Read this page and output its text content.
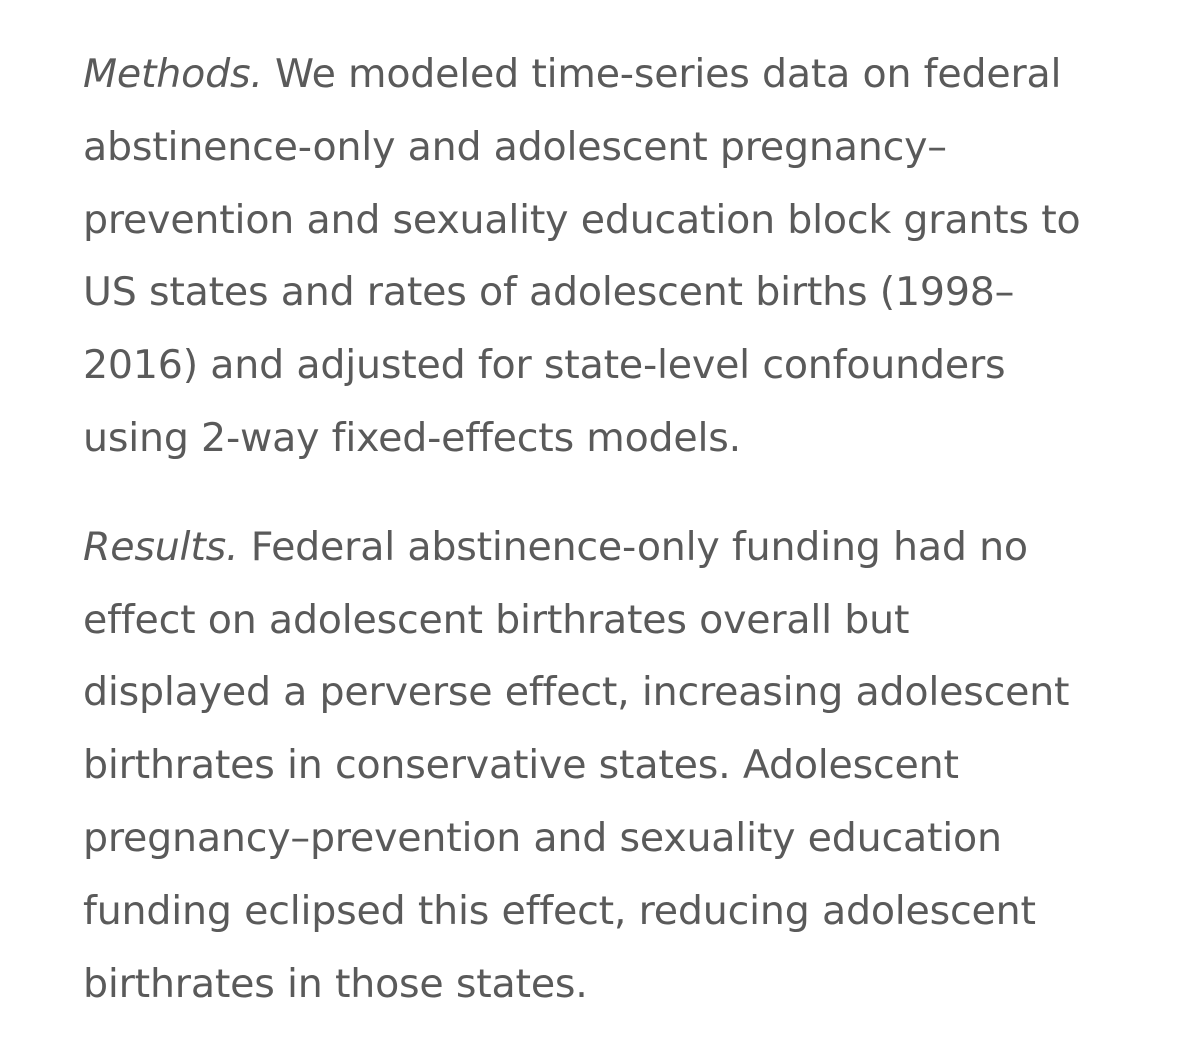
Methods. We modeled time-series data on federal
abstinence-only and adolescent pregnancy–
prevention and sexuality education block grants to
US states and rates of adolescent births (1998–
2016) and adjusted for state-level confounders
using 2-way fixed-effects models.

Results. Federal abstinence-only funding had no
effect on adolescent birthrates overall but
displayed a perverse effect, increasing adolescent
birthrates in conservative states. Adolescent
pregnancy–prevention and sexuality education
funding eclipsed this effect, reducing adolescent
birthrates in those states.
